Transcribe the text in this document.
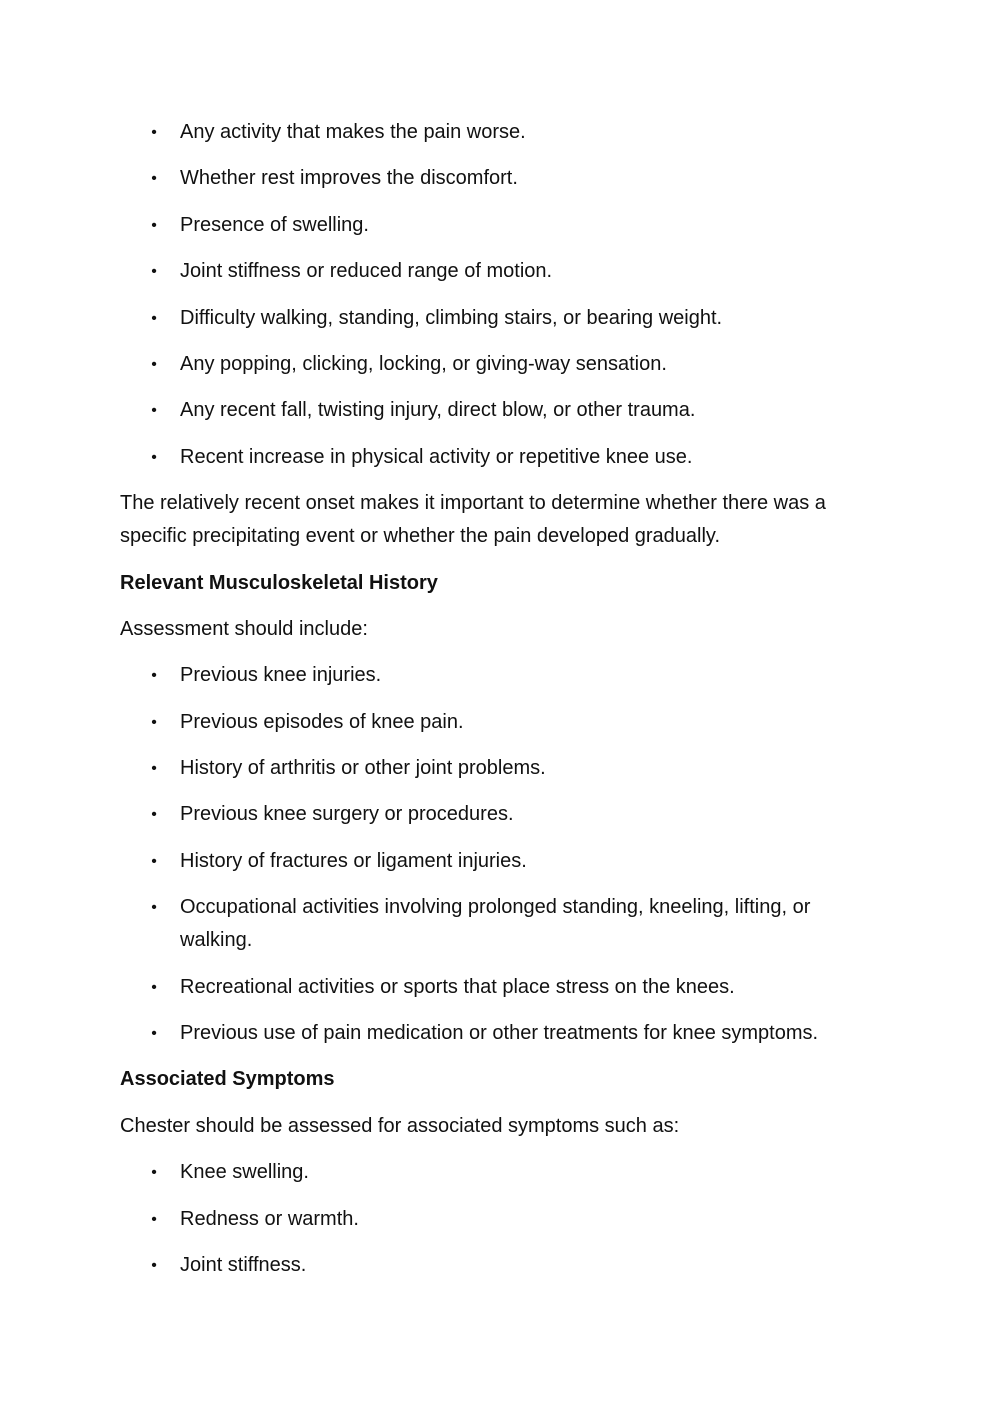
• Any activity that makes the pain worse.
• Whether rest improves the discomfort.
• Presence of swelling.
• Joint stiffness or reduced range of motion.
• Difficulty walking, standing, climbing stairs, or bearing weight.
• Any popping, clicking, locking, or giving-way sensation.
• Any recent fall, twisting injury, direct blow, or other trauma.
• Recent increase in physical activity or repetitive knee use.

The relatively recent onset makes it important to determine whether there was a specific precipitating event or whether the pain developed gradually.

Relevant Musculoskeletal History

Assessment should include:

• Previous knee injuries.
• Previous episodes of knee pain.
• History of arthritis or other joint problems.
• Previous knee surgery or procedures.
• History of fractures or ligament injuries.
• Occupational activities involving prolonged standing, kneeling, lifting, or walking.
• Recreational activities or sports that place stress on the knees.
• Previous use of pain medication or other treatments for knee symptoms.
Associated Symptoms

Chester should be assessed for associated symptoms such as:

• Knee swelling.
• Redness or warmth.
• Joint stiffness.
